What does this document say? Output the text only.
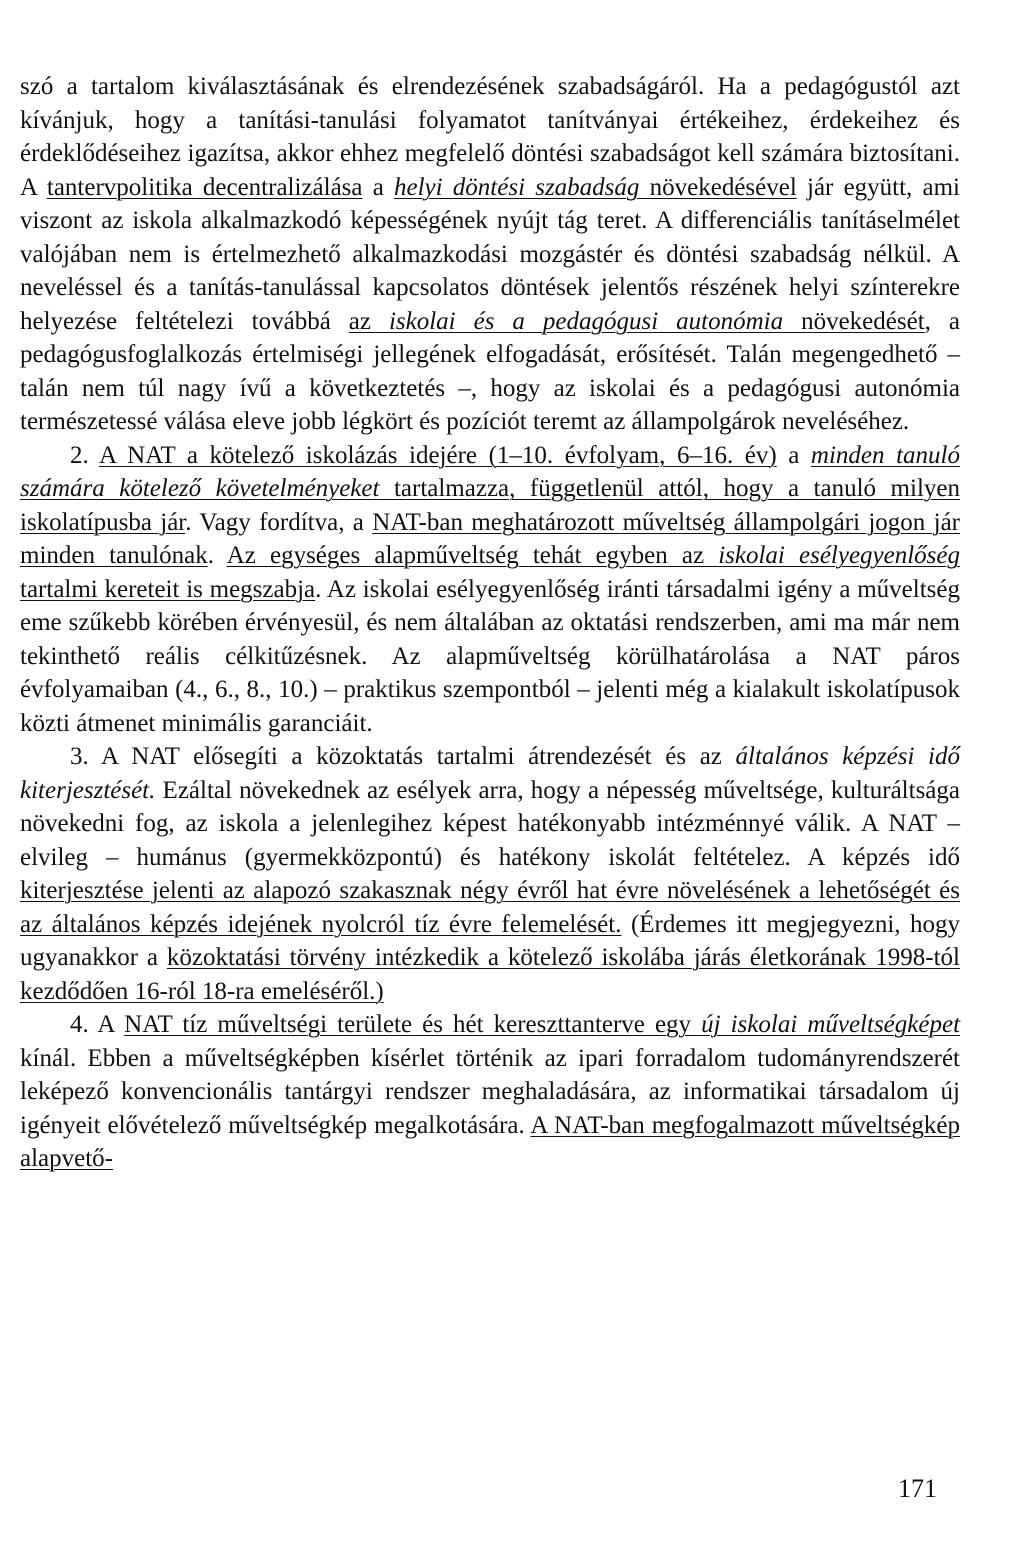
szó a tartalom kiválasztásának és elrendezésének szabadságáról. Ha a pedagógustól azt kívánjuk, hogy a tanítási-tanulási folyamatot tanítványai értékeihez, érdekeihez és érdeklődéseihez igazítsa, akkor ehhez megfelelő döntési szabadságot kell számára biztosítani. A tantervpolitika decentralizálása a helyi döntési szabadság növekedésével jár együtt, ami viszont az iskola alkalmazkodó képességének nyújt tág teret. A differenciális tanításelmélet valójában nem is értelmezhető alkalmazkodási mozgástér és döntési szabadság nélkül. A neveléssel és a tanítás-tanulással kapcsolatos döntések jelentős részének helyi színterekre helyezése feltételezi továbbá az iskolai és a pedagógusi autonómia növekedését, a pedagógusfoglalkozás értelmiségi jellegének elfogadását, erősítését. Talán megengedhető – talán nem túl nagy ívű a következtetés –, hogy az iskolai és a pedagógusi autonómia természetessé válása eleve jobb légkört és pozíciót teremt az állampolgárok neveléséhez.

2. A NAT a kötelező iskolázás idejére (1–10. évfolyam, 6–16. év) a minden tanuló számára kötelező követelményeket tartalmazza, függetlenül attól, hogy a tanuló milyen iskolatípusba jár. Vagy fordítva, a NAT-ban meghatározott műveltség állampolgári jogon jár minden tanulónak. Az egységes alapműveltség tehát egyben az iskolai esélyegyenlőség tartalmi kereteit is megszabja. Az iskolai esélyegyenlőség iránti társadalmi igény a műveltség eme szűkebb körében érvényesül, és nem általában az oktatási rendszerben, ami ma már nem tekinthető reális célkitűzésnek. Az alapműveltség körülhatárolása a NAT páros évfolyamaiban (4., 6., 8., 10.) – praktikus szempontból – jelenti még a kialakult iskolatípusok közti átmenet minimális garanciáit.

3. A NAT elősegíti a közoktatás tartalmi átrendezését és az általános képzési idő kiterjesztését. Ezáltal növekednek az esélyek arra, hogy a népesség műveltsége, kulturáltsága növekedni fog, az iskola a jelenlegihez képest hatékonyabb intézménnyé válik. A NAT – elvileg – humánus (gyermekközpontú) és hatékony iskolát feltételez. A képzés idő kiterjesztése jelenti az alapozó szakasznak négy évről hat évre növelésének a lehetőségét és az általános képzés idejének nyolcról tíz évre felemelését. (Érdemes itt megjegyezni, hogy ugyanakkor a közoktatási törvény intézkedik a kötelező iskolába járás életkorának 1998-tól kezdődően 16-ról 18-ra emeléséről.)

4. A NAT tíz műveltségi területe és hét kereszttanterve egy új iskolai műveltségképet kínál. Ebben a műveltségképben kísérlet történik az ipari forradalom tudományrendszerét leképező konvencionális tantárgyi rendszer meghaladására, az informatikai társadalom új igényeit elővételező műveltségkép megalkotására. A NAT-ban megfogalmazott műveltségkép alapvető-

171
